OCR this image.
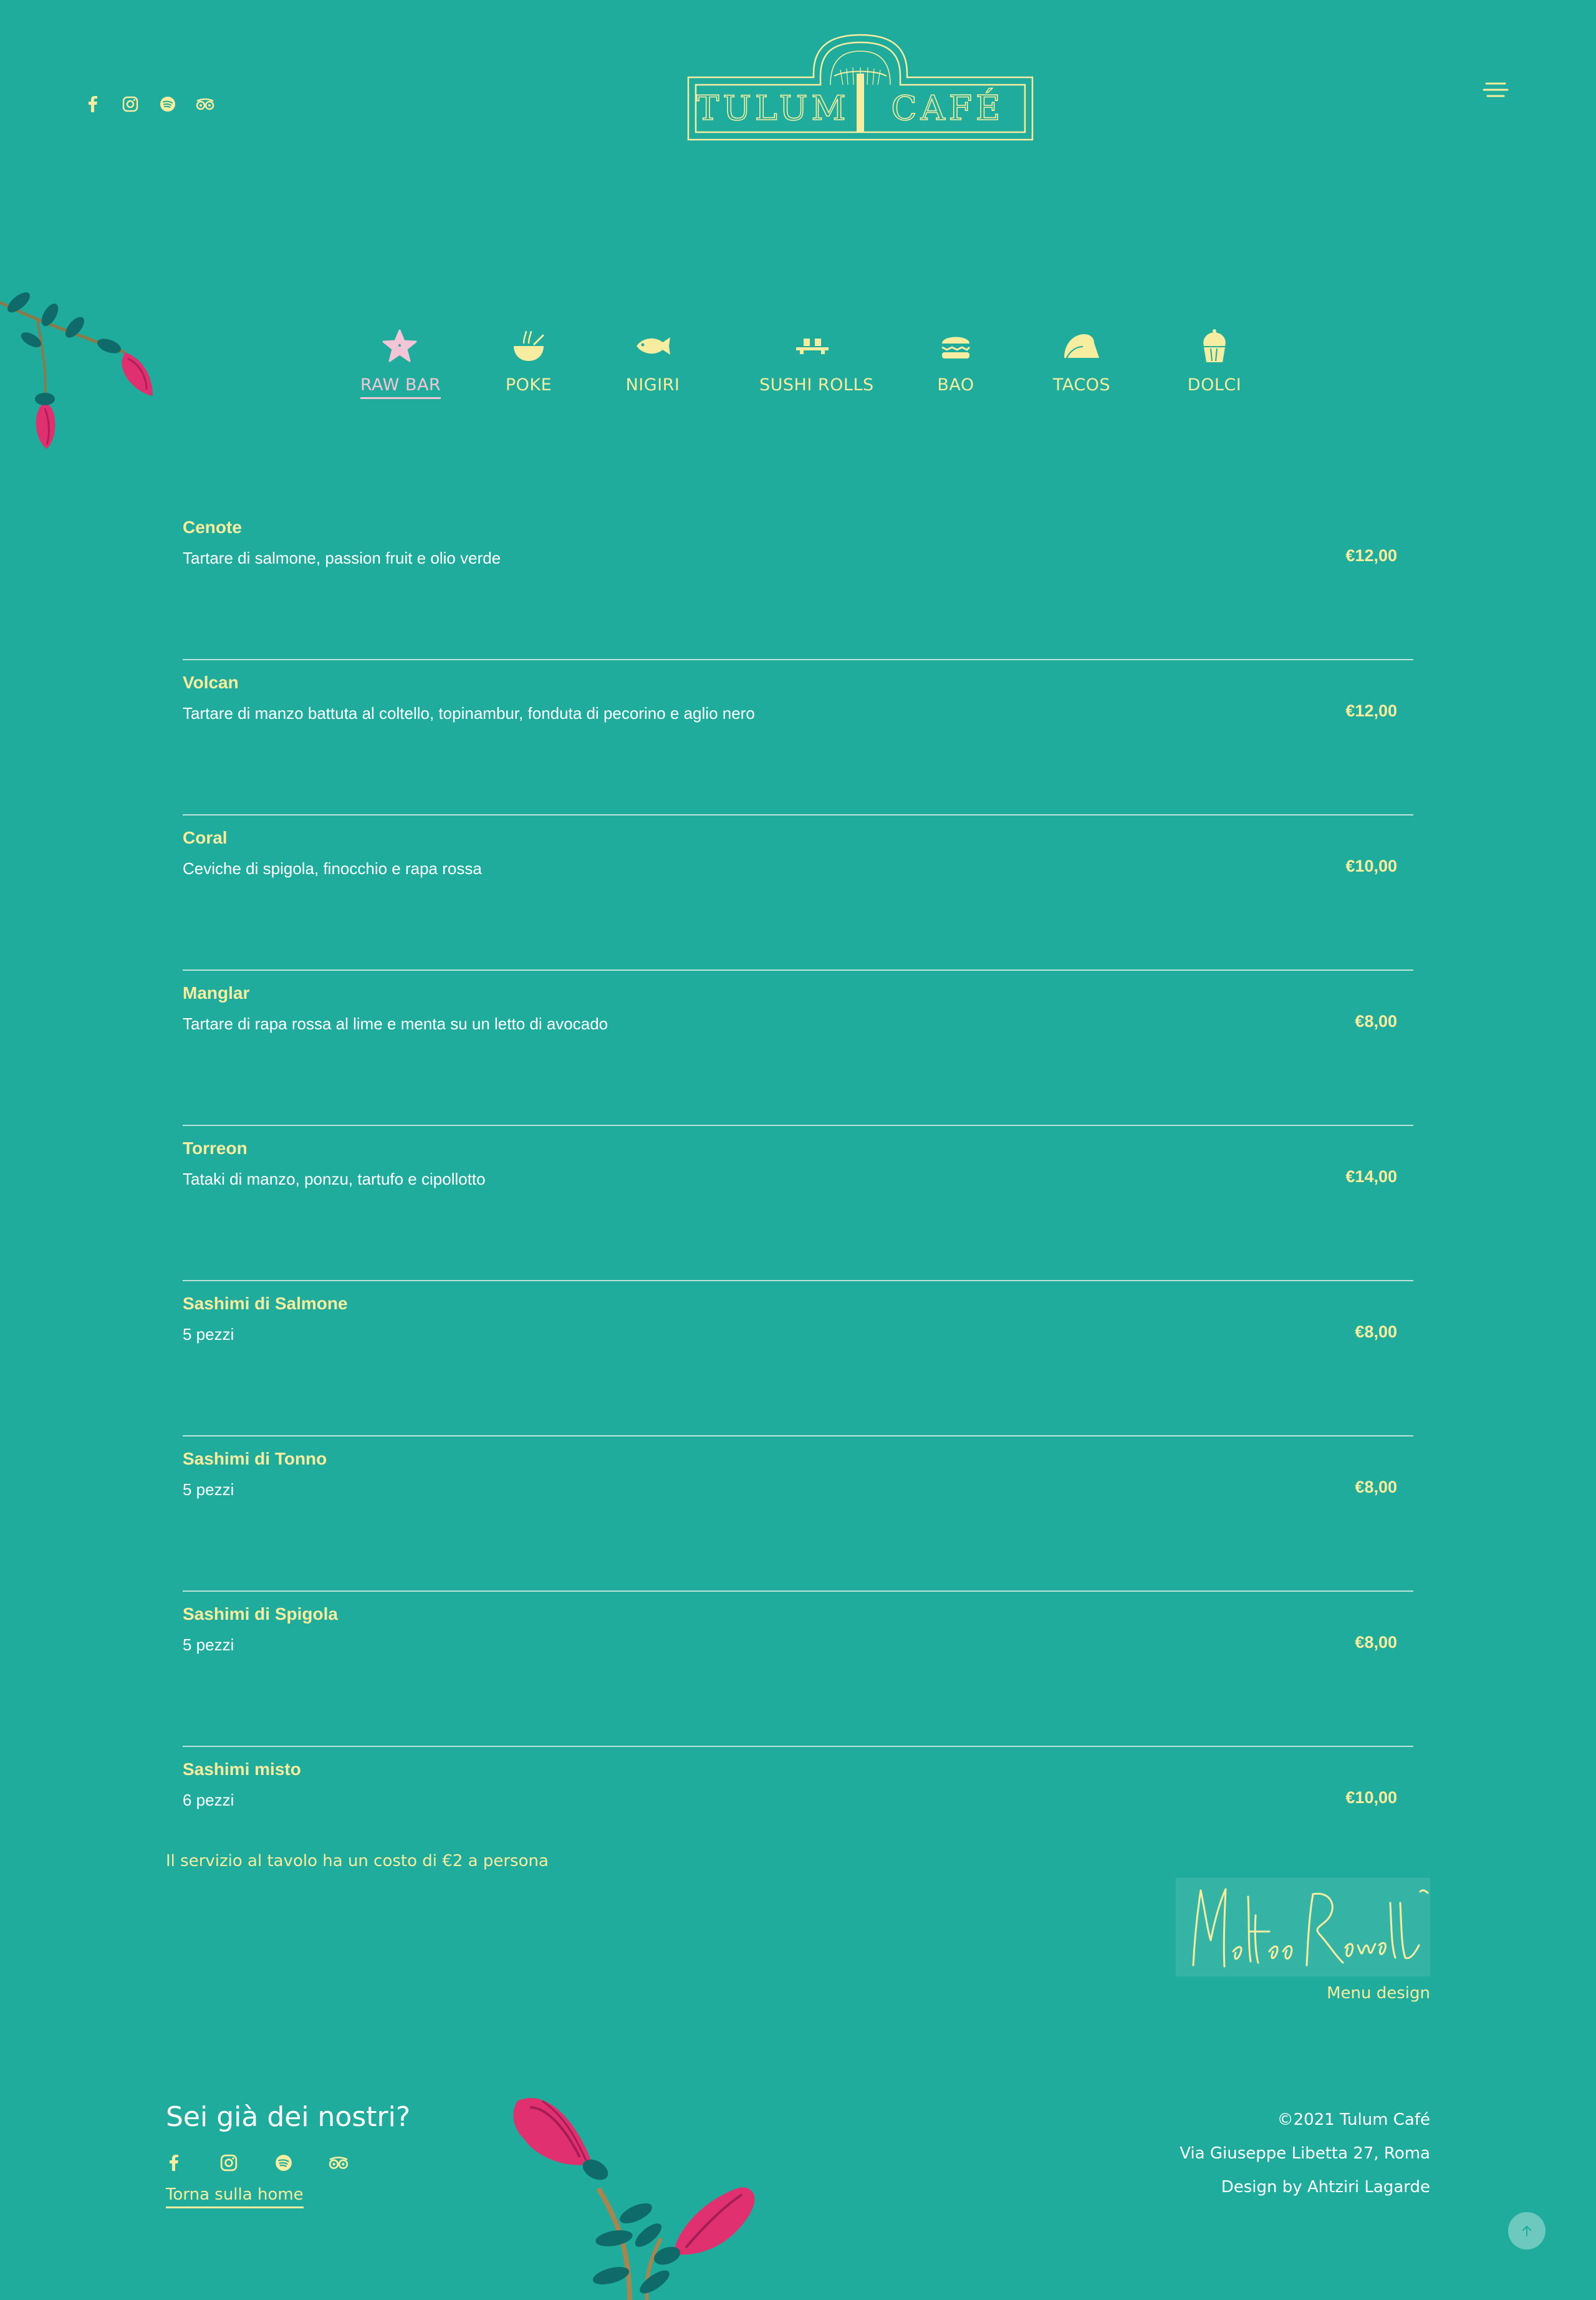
TULUM CAFÉ
RAW BAR	POKE	NIGIRI	SUSHI ROLLS	BAO	TACOS	DOLCI
Cenote
Tartare di salmone, passion fruit e olio verde	€12,00
Volcan
Tartare di manzo battuta al coltello, topinambur, fonduta di pecorino e aglio nero	€12,00
Coral
Ceviche di spigola, finocchio e rapa rossa	€10,00
Manglar
Tartare di rapa rossa al lime e menta su un letto di avocado	€8,00
Torreon
Tataki di manzo, ponzu, tartufo e cipollotto	€14,00
Sashimi di Salmone
5 pezzi	€8,00
Sashimi di Tonno
5 pezzi	€8,00
Sashimi di Spigola
5 pezzi	€8,00
Sashimi misto
6 pezzi	€10,00
Il servizio al tavolo ha un costo di €2 a persona
Menu design
Sei già dei nostri?
Torna sulla home
©2021 Tulum Café
Via Giuseppe Libetta 27, Roma
Design by Ahtziri Lagarde
